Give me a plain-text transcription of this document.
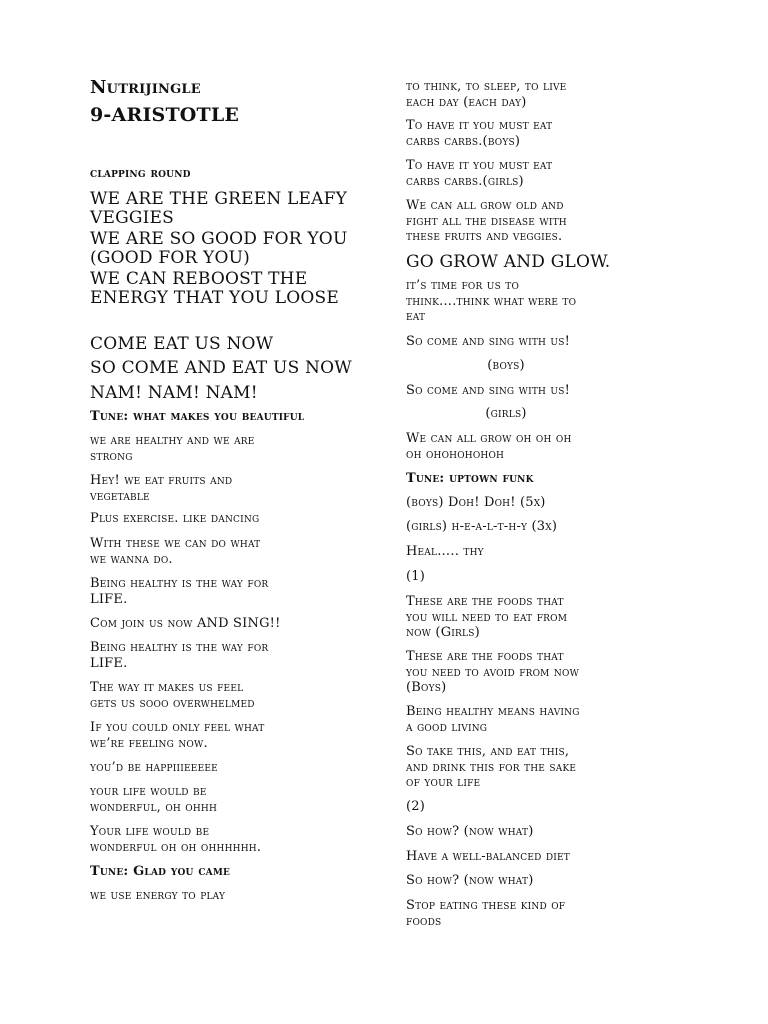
Nutrijingle
9-ARISTOTLE
clapping round
WE ARE THE GREEN LEAFY
VEGGIES
WE ARE SO GOOD FOR YOU
(GOOD FOR YOU)
WE CAN REBOOST THE
ENERGY THAT YOU LOOSE
COME EAT US NOW
SO COME AND EAT US NOW
NAM! NAM! NAM!
Tune: what makes you beautiful
we are healthy and we are
strong
Hey! we eat fruits and
vegetable
Plus exercise. like dancing
With these we can do what
we wanna do.
Being healthy is the way for
LIFE.
Com join us now AND SING!!
Being healthy is the way for
LIFE.
The way it makes us feel
gets us sooo overwhelmed
If you could only feel what
we’re feeling now.
you’d be happiiieeeee
your life would be
wonderful, oh ohhh
Your life would be
wonderful oh oh ohhhhhh.
Tune: Glad you came
we use energy to play
to think, to sleep, to live
each day (each day)
To have it you must eat
carbs carbs.(boys)
To have it you must eat
carbs carbs.(girls)
We can all grow old and
fight all the disease with
these fruits and veggies.
GO GROW AND GLOW.
it’s time for us to
think….think what were to
eat
So come and sing with us!
(boys)
So come and sing with us!
(girls)
We can all grow oh oh oh
oh ohohohohoh
Tune: uptown funk
(boys) Doh! Doh! (5x)
(girls) h-e-a-l-t-h-y (3x)
Heal….. thy
(1)
These are the foods that
you will need to eat from
now (Girls)
These are the foods that
you need to avoid from now
(Boys)
Being healthy means having
a good living
So take this, and eat this,
and drink this for the sake
of your life
(2)
So how? (now what)
Have a well-balanced diet
So how? (now what)
Stop eating these kind of
foods
